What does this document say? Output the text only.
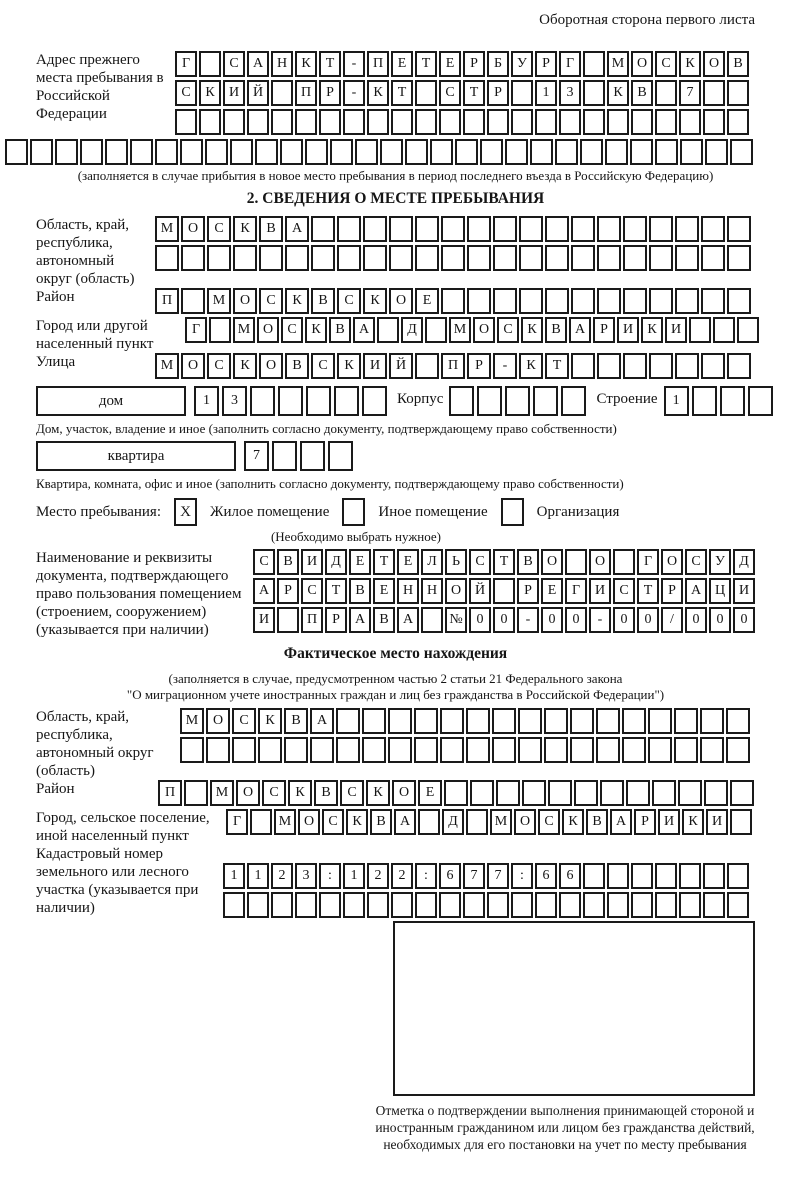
Оборотная сторона первого листа
Адрес прежнего места пребывания в Российской Федерации
Г	С	А Н	К	Т	-	П	Е	Т	Е	Р	Б	У	Р	Г	М О	С	К	О	В
С	К	И Й	П	Р	-	К	Т	С	Т	Р	1	3	К	В	7
(заполняется в случае прибытия в новое место пребывания в период последнего въезда в Российскую Федерацию)
2. СВЕДЕНИЯ О МЕСТЕ ПРЕБЫВАНИЯ
Область, край, республика, автономный округ (область)
М	О	С	К	В	А
Район	П	М	О	С	К	В	С	К	О	Е
Город или другой населенный пункт
Г	М О	С	К	В	А	Д	М О	С	К	В	А	Р	И	К	И
Улица	М	О	С	К	О	В	С	К	И	Й	П	Р	-	К	Т
дом	1	3	Корпус	Строение	1
Дом, участок, владение и иное (заполнить согласно документу, подтверждающему право собственности)
квартира	7
Квартира, комната, офис и иное (заполнить согласно документу, подтверждающему право собственности)
Место пребывания:	X	Жилое помещение	Иное помещение	Организация
(Необходимо выбрать нужное)
Наименование и реквизиты документа, подтверждающего право пользования помещением (строением, сооружением) (указывается при наличии)
С	В	И	Д	Е	Т	Е	Л	Ь	С	Т	В	О	О	Г	О	С	У	Д
А	Р	С	Т	В	Е	Н Н О Й	Р	Е	Г	И	С	Т	Р	А Ц И
И	П	Р	А	В	А	№ 0	0	-	0	0	-	0	0	/	0	0	0
Фактическое место нахождения
(заполняется в случае, предусмотренном частью 2 статьи 21 Федерального закона
"О миграционном учете иностранных граждан и лиц без гражданства в Российской Федерации")
Область, край, республика, автономный округ (область)
М	О	С	К	В	А
Район	П	М	О	С	К	В	С	К	О	Е
Город, сельское поселение, иной населенный пункт
Г	М О	С	К	В	А	Д	М О	С	К	В	А	Р	И	К	И
Кадастровый номер земельного или лесного участка (указывается при наличии)
1	1	2	3	:	1	2	2	:	6	7	7	:	6	6
Отметка о подтверждении выполнения принимающей стороной и иностранным гражданином или лицом без гражданства действий, необходимых для его постановки на учет по месту пребывания
